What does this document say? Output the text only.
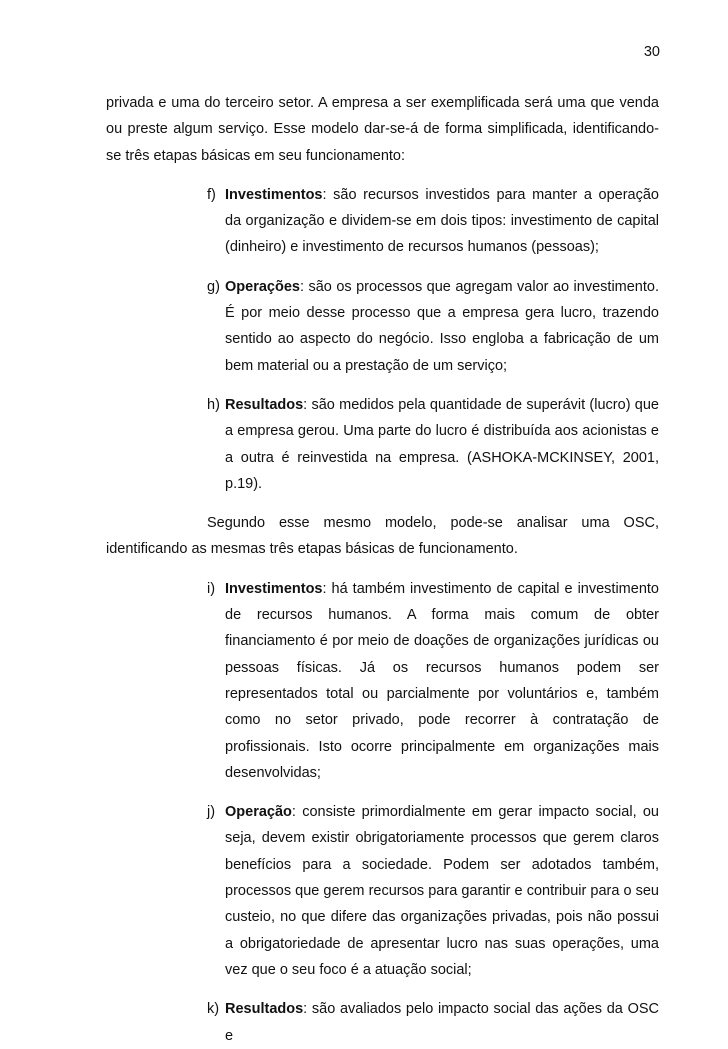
30

privada e uma do terceiro setor. A empresa a ser exemplificada será uma que venda ou preste algum serviço. Esse modelo dar-se-á de forma simplificada, identificando-se três etapas básicas em seu funcionamento:

f) Investimentos: são recursos investidos para manter a operação da organização e dividem-se em dois tipos: investimento de capital (dinheiro) e investimento de recursos humanos (pessoas);
g) Operações: são os processos que agregam valor ao investimento. É por meio desse processo que a empresa gera lucro, trazendo sentido ao aspecto do negócio. Isso engloba a fabricação de um bem material ou a prestação de um serviço;
h) Resultados: são medidos pela quantidade de superávit (lucro) que a empresa gerou. Uma parte do lucro é distribuída aos acionistas e a outra é reinvestida na empresa. (ASHOKA-MCKINSEY, 2001, p.19).

Segundo esse mesmo modelo, pode-se analisar uma OSC, identificando as mesmas três etapas básicas de funcionamento.

i) Investimentos: há também investimento de capital e investimento de recursos humanos. A forma mais comum de obter financiamento é por meio de doações de organizações jurídicas ou pessoas físicas. Já os recursos humanos podem ser representados total ou parcialmente por voluntários e, também como no setor privado, pode recorrer à contratação de profissionais. Isto ocorre principalmente em organizações mais desenvolvidas;
j) Operação: consiste primordialmente em gerar impacto social, ou seja, devem existir obrigatoriamente processos que gerem claros benefícios para a sociedade. Podem ser adotados também, processos que gerem recursos para garantir e contribuir para o seu custeio, no que difere das organizações privadas, pois não possui a obrigatoriedade de apresentar lucro nas suas operações, uma vez que o seu foco é a atuação social;
k) Resultados: são avaliados pelo impacto social das ações da OSC e
